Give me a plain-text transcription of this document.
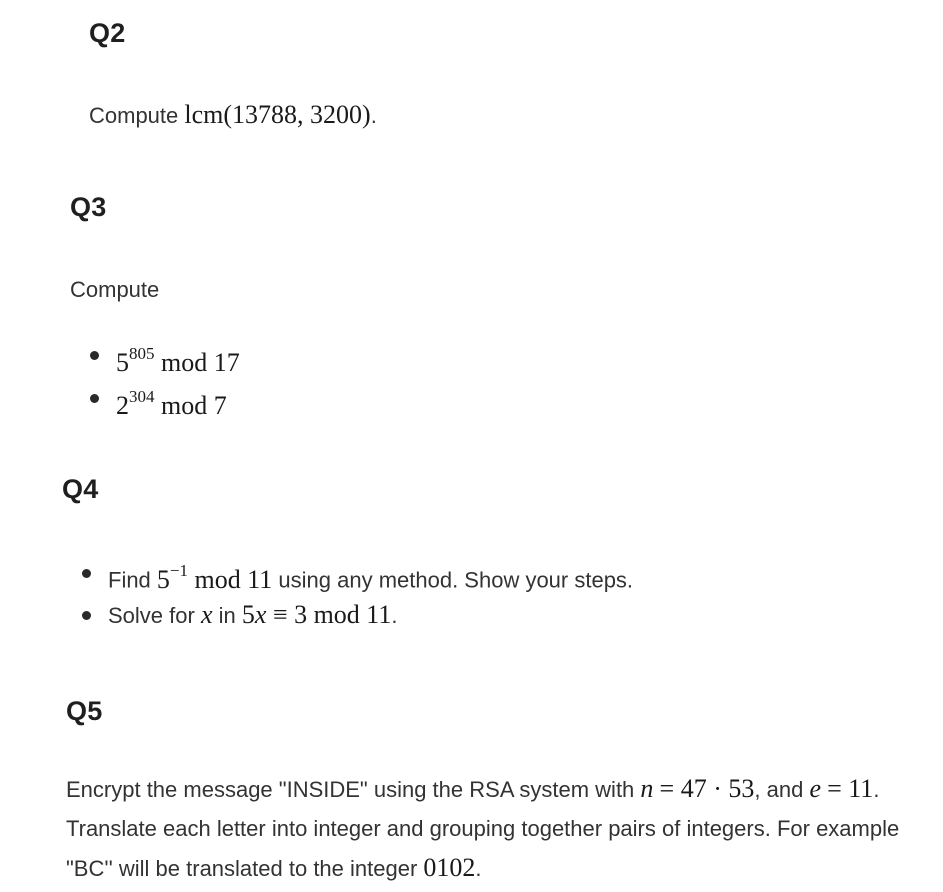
Q2

Compute lcm(13788, 3200).

Q3

Compute

$5^{805}$ mod 17
$2^{304}$ mod 7
Q4
Find $5^{-1}$ mod 11 using any method. Show your steps.
Solve for x in 5x ≡ 3 mod 11.
Q5
Encrypt the message "INSIDE" using the RSA system with n = 47 · 53, and e = 11.
Translate each letter into integer and grouping together pairs of integers. For example
"BC'' will be translated to the integer 0102.
